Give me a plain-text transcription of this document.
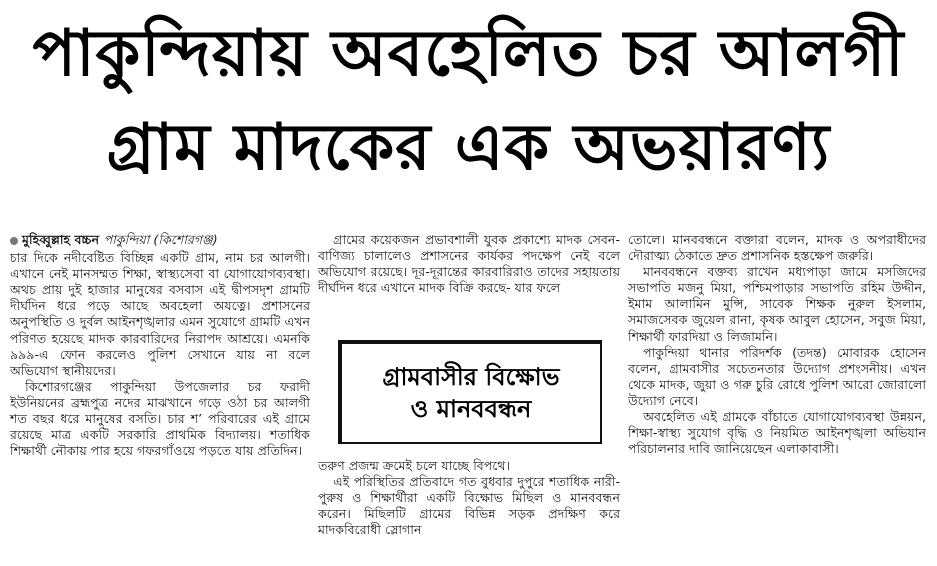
পাকুন্দিয়ায় অবহেলিত চর আলগী
গ্রাম মাদকের এক অভয়ারণ্য
মুহিব্বুল্লাহ বচ্চন পাকুন্দিয়া (কিশোরগঞ্জ)

চার দিকে নদীবেষ্টিত বিচ্ছিন্ন একটি গ্রাম, নাম চর আলগী। এখানে নেই মানসম্মত শিক্ষা, স্বাস্থ্যসেবা বা যোগাযোগব্যবস্থা। অথচ প্রায় দুই হাজার মানুষের বসবাস এই দ্বীপসদৃশ গ্রামটি দীর্ঘদিন ধরে পড়ে আছে অবহেলা অযত্নে। প্রশাসনের অনুপস্থিতি ও দুর্বল আইনশৃঙ্খলার এমন সুযোগে গ্রামটি এখন পরিণত হয়েছে মাদক কারবারিদের নিরাপদ আশ্রয়ে। এমনকি ৯৯৯-এ ফোন করলেও পুলিশ সেখানে যায় না বলে অভিযোগ স্থানীয়দের।

কিশোরগঞ্জের পাকুন্দিয়া উপজেলার চর ফরাদী ইউনিয়নের ব্রহ্মপুত্র নদের মাঝখানে গড়ে ওঠা চর আলগী শত বছর ধরে মানুষের বসতি। চার শ’ পরিবারের এই গ্রামে রয়েছে মাত্র একটি সরকারি প্রাথমিক বিদ্যালয়। শতাধিক শিক্ষার্থী নৌকায় পার হয়ে গফরগাঁওয়ে পড়তে যায় প্রতিদিন।

গ্রামের কয়েকজন প্রভাবশালী যুবক প্রকাশ্যে মাদক সেবন-বাণিজ্য চালালেও প্রশাসনের কার্যকর পদক্ষেপ নেই বলে অভিযোগ রয়েছে। দূর-দূরান্তের কারবারিরাও তাদের সহায়তায় দীর্ঘদিন ধরে এখানে মাদক বিক্রি করছে- যার ফলে

গ্রামবাসীর বিক্ষোভ
ও মানববন্ধন

তরুণ প্রজন্ম ক্রমেই চলে যাচ্ছে বিপথে।

এই পরিস্থিতির প্রতিবাদে গত বুধবার দুপুরে শতাধিক নারী-পুরুষ ও শিক্ষার্থীরা একটি বিক্ষোভ মিছিল ও মানববন্ধন করেন। মিছিলটি গ্রামের বিভিন্ন সড়ক প্রদক্ষিণ করে মাদকবিরোধী স্লোগান

তোলে। মানববন্ধনে বক্তারা বলেন, মাদক ও অপরাধীদের দৌরাত্ম্য ঠেকাতে দ্রুত প্রশাসনিক হস্তক্ষেপ জরুরি।

মানববন্ধনে বক্তব্য রাখেন মধ্যপাড়া জামে মসজিদের সভাপতি মজনু মিয়া, পশ্চিমপাড়ার সভাপতি রহিম উদ্দীন, ইমাম আলামিন মুন্সি, সাবেক শিক্ষক নুরুল ইসলাম, সমাজসেবক জুয়েল রানা, কৃষক আবুল হোসেন, সবুজ মিয়া, শিক্ষার্থী ফারদিয়া ও লিজামনি।

পাকুন্দিয়া থানার পরিদর্শক (তদন্ত) মোবারক হোসেন বলেন, গ্রামবাসীর সচেতনতার উদ্যোগ প্রশংসনীয়। এখন থেকে মাদক, জুয়া ও গরু চুরি রোধে পুলিশ আরো জোরালো উদ্যোগ নেবে।

অবহেলিত এই গ্রামকে বাঁচাতে যোগাযোগব্যবস্থা উন্নয়ন, শিক্ষা-স্বাস্থ্য সুযোগ বৃদ্ধি ও নিয়মিত আইনশৃঙ্খলা অভিযান পরিচালনার দাবি জানিয়েছেন এলাকাবাসী।
